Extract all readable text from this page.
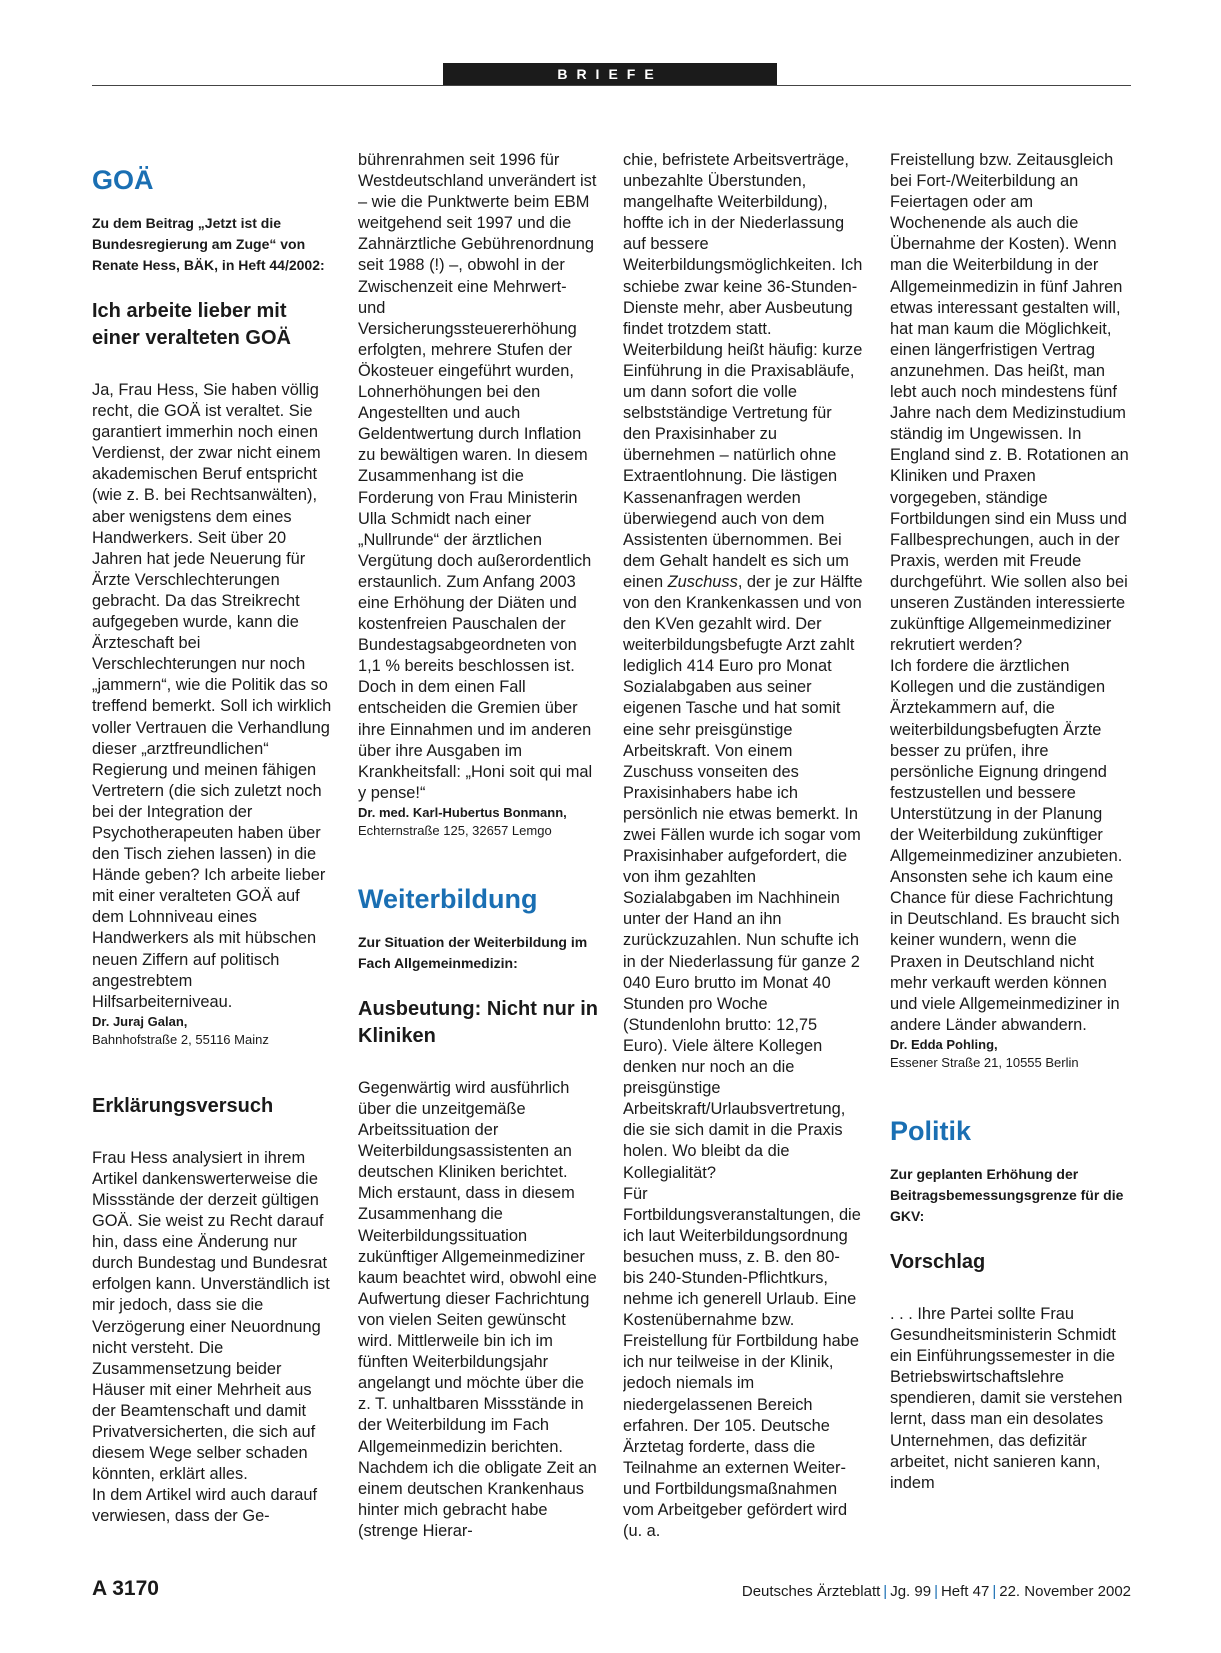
BRIEFE
GOÄ
Zu dem Beitrag „Jetzt ist die Bundesregierung am Zuge“ von Renate Hess, BÄK, in Heft 44/2002:
Ich arbeite lieber mit einer veralteten GOÄ

Ja, Frau Hess, Sie haben völlig recht, die GOÄ ist veraltet. Sie garantiert immerhin noch einen Verdienst, der zwar nicht einem akademischen Beruf entspricht (wie z. B. bei Rechtsanwälten), aber wenigstens dem eines Handwerkers. Seit über 20 Jahren hat jede Neuerung für Ärzte Verschlechterungen gebracht. Da das Streikrecht aufgegeben wurde, kann die Ärzteschaft bei Verschlechterungen nur noch „jammern“, wie die Politik das so treffend bemerkt. Soll ich wirklich voller Vertrauen die Verhandlung dieser „arztfreundlichen“ Regierung und meinen fähigen Vertretern (die sich zuletzt noch bei der Integration der Psychotherapeuten haben über den Tisch ziehen lassen) in die Hände geben? Ich arbeite lieber mit einer veralteten GOÄ auf dem Lohnniveau eines Handwerkers als mit hübschen neuen Ziffern auf politisch angestrebtem Hilfsarbeiterniveau.

Dr. Juraj Galan,
Bahnhofstraße 2, 55116 Mainz
Erklärungsversuch

Frau Hess analysiert in ihrem Artikel dankenswerterweise die Missstände der derzeit gültigen GOÄ. Sie weist zu Recht darauf hin, dass eine Änderung nur durch Bundestag und Bundesrat erfolgen kann. Unverständlich ist mir jedoch, dass sie die Verzögerung einer Neuordnung nicht versteht. Die Zusammensetzung beider Häuser mit einer Mehrheit aus der Beamtenschaft und damit Privatversicherten, die sich auf diesem Wege selber schaden könnten, erklärt alles.

In dem Artikel wird auch darauf verwiesen, dass der Ge-

bührenrahmen seit 1996 für Westdeutschland unverändert ist – wie die Punktwerte beim EBM weitgehend seit 1997 und die Zahnärztliche Gebührenordnung seit 1988 (!) –, obwohl in der Zwischenzeit eine Mehrwert- und Versicherungssteuererhöhung erfolgten, mehrere Stufen der Ökosteuer eingeführt wurden, Lohnerhöhungen bei den Angestellten und auch Geldentwertung durch Inflation zu bewältigen waren. In diesem Zusammenhang ist die Forderung von Frau Ministerin Ulla Schmidt nach einer „Nullrunde“ der ärztlichen Vergütung doch außerordentlich erstaunlich. Zum Anfang 2003 eine Erhöhung der Diäten und kostenfreien Pauschalen der Bundestagsabgeordneten von 1,1 % bereits beschlossen ist. Doch in dem einen Fall entscheiden die Gremien über ihre Einnahmen und im anderen über ihre Ausgaben im Krankheitsfall: „Honi soit qui mal y pense!“

Dr. med. Karl-Hubertus Bonmann,
Echternstraße 125, 32657 Lemgo
Weiterbildung
Zur Situation der Weiterbildung im Fach Allgemeinmedizin:
Ausbeutung: Nicht nur in Kliniken

Gegenwärtig wird ausführlich über die unzeitgemäße Arbeitssituation der Weiterbildungsassistenten an deutschen Kliniken berichtet. Mich erstaunt, dass in diesem Zusammenhang die Weiterbildungssituation zukünftiger Allgemeinmediziner kaum beachtet wird, obwohl eine Aufwertung dieser Fachrichtung von vielen Seiten gewünscht wird. Mittlerweile bin ich im fünften Weiterbildungsjahr angelangt und möchte über die z. T. unhaltbaren Missstände in der Weiterbildung im Fach Allgemeinmedizin berichten. Nachdem ich die obligate Zeit an einem deutschen Krankenhaus hinter mich gebracht habe (strenge Hierar-

chie, befristete Arbeitsverträge, unbezahlte Überstunden, mangelhafte Weiterbildung), hoffte ich in der Niederlassung auf bessere Weiterbildungsmöglichkeiten. Ich schiebe zwar keine 36-Stunden-Dienste mehr, aber Ausbeutung findet trotzdem statt. Weiterbildung heißt häufig: kurze Einführung in die Praxisabläufe, um dann sofort die volle selbstständige Vertretung für den Praxisinhaber zu übernehmen – natürlich ohne Extraentlohnung. Die lästigen Kassenanfragen werden überwiegend auch von dem Assistenten übernommen. Bei dem Gehalt handelt es sich um einen Zuschuss, der je zur Hälfte von den Krankenkassen und von den KVen gezahlt wird. Der weiterbildungsbefugte Arzt zahlt lediglich 414 Euro pro Monat Sozialabgaben aus seiner eigenen Tasche und hat somit eine sehr preisgünstige Arbeitskraft. Von einem Zuschuss vonseiten des Praxisinhabers habe ich persönlich nie etwas bemerkt. In zwei Fällen wurde ich sogar vom Praxisinhaber aufgefordert, die von ihm gezahlten Sozialabgaben im Nachhinein unter der Hand an ihn zurückzuzahlen. Nun schufte ich in der Niederlassung für ganze 2 040 Euro brutto im Monat 40 Stunden pro Woche (Stundenlohn brutto: 12,75 Euro). Viele ältere Kollegen denken nur noch an die preisgünstige Arbeitskraft/Urlaubsvertretung, die sie sich damit in die Praxis holen. Wo bleibt da die Kollegialität?

Für Fortbildungsveranstaltungen, die ich laut Weiterbildungsordnung besuchen muss, z. B. den 80- bis 240-Stunden-Pflichtkurs, nehme ich generell Urlaub. Eine Kostenübernahme bzw. Freistellung für Fortbildung habe ich nur teilweise in der Klinik, jedoch niemals im niedergelassenen Bereich erfahren. Der 105. Deutsche Ärztetag forderte, dass die Teilnahme an externen Weiter- und Fortbildungsmaßnahmen vom Arbeitgeber gefördert wird (u. a.

Freistellung bzw. Zeitausgleich bei Fort-/Weiterbildung an Feiertagen oder am Wochenende als auch die Übernahme der Kosten). Wenn man die Weiterbildung in der Allgemeinmedizin in fünf Jahren etwas interessant gestalten will, hat man kaum die Möglichkeit, einen längerfristigen Vertrag anzunehmen. Das heißt, man lebt auch noch mindestens fünf Jahre nach dem Medizinstudium ständig im Ungewissen. In England sind z. B. Rotationen an Kliniken und Praxen vorgegeben, ständige Fortbildungen sind ein Muss und Fallbesprechungen, auch in der Praxis, werden mit Freude durchgeführt. Wie sollen also bei unseren Zuständen interessierte zukünftige Allgemeinmediziner rekrutiert werden?

Ich fordere die ärztlichen Kollegen und die zuständigen Ärztekammern auf, die weiterbildungsbefugten Ärzte besser zu prüfen, ihre persönliche Eignung dringend festzustellen und bessere Unterstützung in der Planung der Weiterbildung zukünftiger Allgemeinmediziner anzubieten. Ansonsten sehe ich kaum eine Chance für diese Fachrichtung in Deutschland. Es braucht sich keiner wundern, wenn die Praxen in Deutschland nicht mehr verkauft werden können und viele Allgemeinmediziner in andere Länder abwandern.

Dr. Edda Pohling,
Essener Straße 21, 10555 Berlin
Politik
Zur geplanten Erhöhung der Beitragsbemessungsgrenze für die GKV:
Vorschlag

. . . Ihre Partei sollte Frau Gesundheitsministerin Schmidt ein Einführungssemester in die Betriebswirtschaftslehre spendieren, damit sie verstehen lernt, dass man ein desolates Unternehmen, das defizitär arbeitet, nicht sanieren kann, indem

A 3170	Deutsches Ärzteblatt | Jg. 99 | Heft 47 | 22. November 2002
